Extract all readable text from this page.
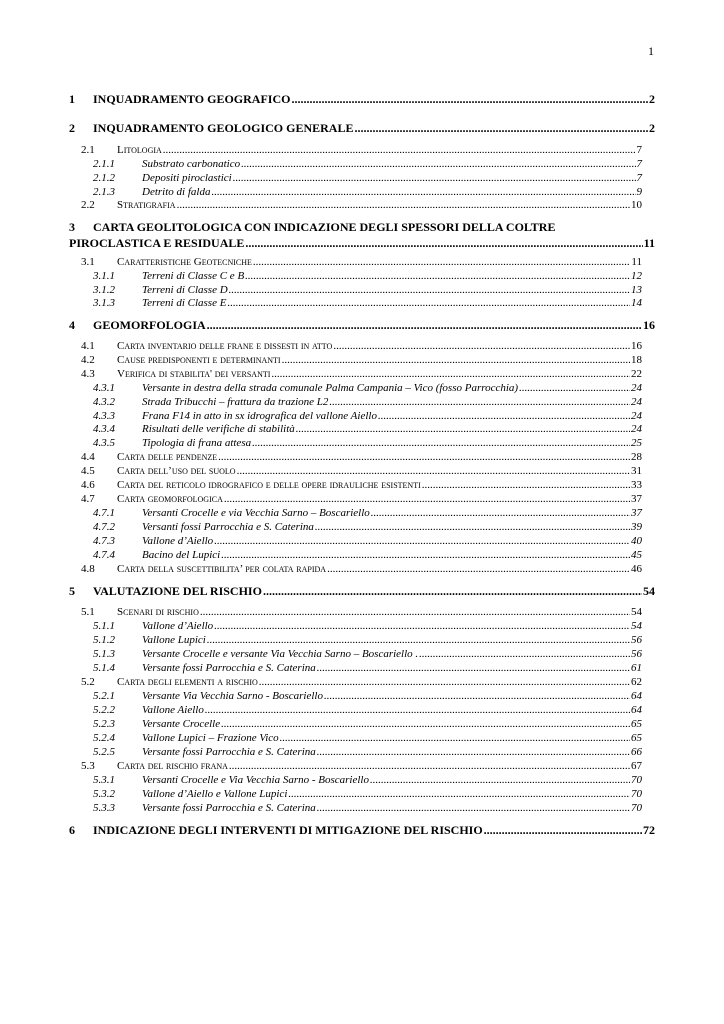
1
1	INQUADRAMENTO GEOGRAFICO .....	2
2	INQUADRAMENTO GEOLOGICO GENERALE .....	2
2.1	Litologia .....	7
2.1.1	Substrato carbonatico .....	7
2.1.2	Depositi piroclastici .....	7
2.1.3	Detrito di falda .....	9
2.2	Stratigrafia .....	10
3 CARTA GEOLITOLOGICA CON INDICAZIONE DEGLI SPESSORI DELLA COLTRE
PIROCLASTICA E RESIDUALE .....	11
3.1	Caratteristiche Geotecniche .....	11
3.1.1	Terreni di Classe C e B .....	12
3.1.2	Terreni di Classe D .....	13
3.1.3	Terreni di Classe E .....	14
4	GEOMORFOLOGIA .....	16
4.1	Carta inventario delle frane e dissesti in atto .....	16
4.2	Cause predisponenti e determinanti .....	18
4.3	Verifica di stabilita' dei versanti .....	22
4.3.1	Versante in destra della strada comunale Palma Campania – Vico (fosso Parrocchia) .....	24
4.3.2	Strada Tribucchi – frattura da trazione L2 .....	24
4.3.3	Frana F14 in atto in sx idrografica del vallone Aiello .....	24
4.3.4	Risultati delle verifiche di stabilità .....	24
4.3.5	Tipologia di frana attesa .....	25
4.4	Carta delle pendenze .....	28
4.5	Carta dell’uso del suolo .....	31
4.6	Carta del reticolo idrografico e delle opere idrauliche esistenti .....	33
4.7	Carta geomorfologica .....	37
4.7.1	Versanti Crocelle e via Vecchia Sarno – Boscariello .....	37
4.7.2	Versanti fossi Parrocchia e S. Caterina .....	39
4.7.3	Vallone d’Aiello .....	40
4.7.4	Bacino del Lupici .....	45
4.8	Carta della suscettibilita’ per colata rapida .....	46
5	VALUTAZIONE DEL RISCHIO .....	54
5.1	Scenari di rischio .....	54
5.1.1	Vallone d’Aiello .....	54
5.1.2	Vallone Lupici .....	56
5.1.3	Versante Crocelle e versante Via Vecchia Sarno – Boscariello . .....	56
5.1.4	Versante fossi Parrocchia e S. Caterina .....	61
5.2	Carta degli elementi a rischio .....	62
5.2.1	Versante Via Vecchia Sarno - Boscariello .....	64
5.2.2	Vallone Aiello .....	64
5.2.3	Versante Crocelle .....	65
5.2.4	Vallone Lupici – Frazione Vico .....	65
5.2.5	Versante fossi Parrocchia e S. Caterina .....	66
5.3	Carta del rischio frana .....	67
5.3.1	Versanti Crocelle e Via Vecchia Sarno - Boscariello .....	70
5.3.2	Vallone d’Aiello e Vallone Lupici .....	70
5.3.3	Versante fossi Parrocchia e S. Caterina .....	70
6	INDICAZIONE DEGLI INTERVENTI DI MITIGAZIONE DEL RISCHIO .....	72
